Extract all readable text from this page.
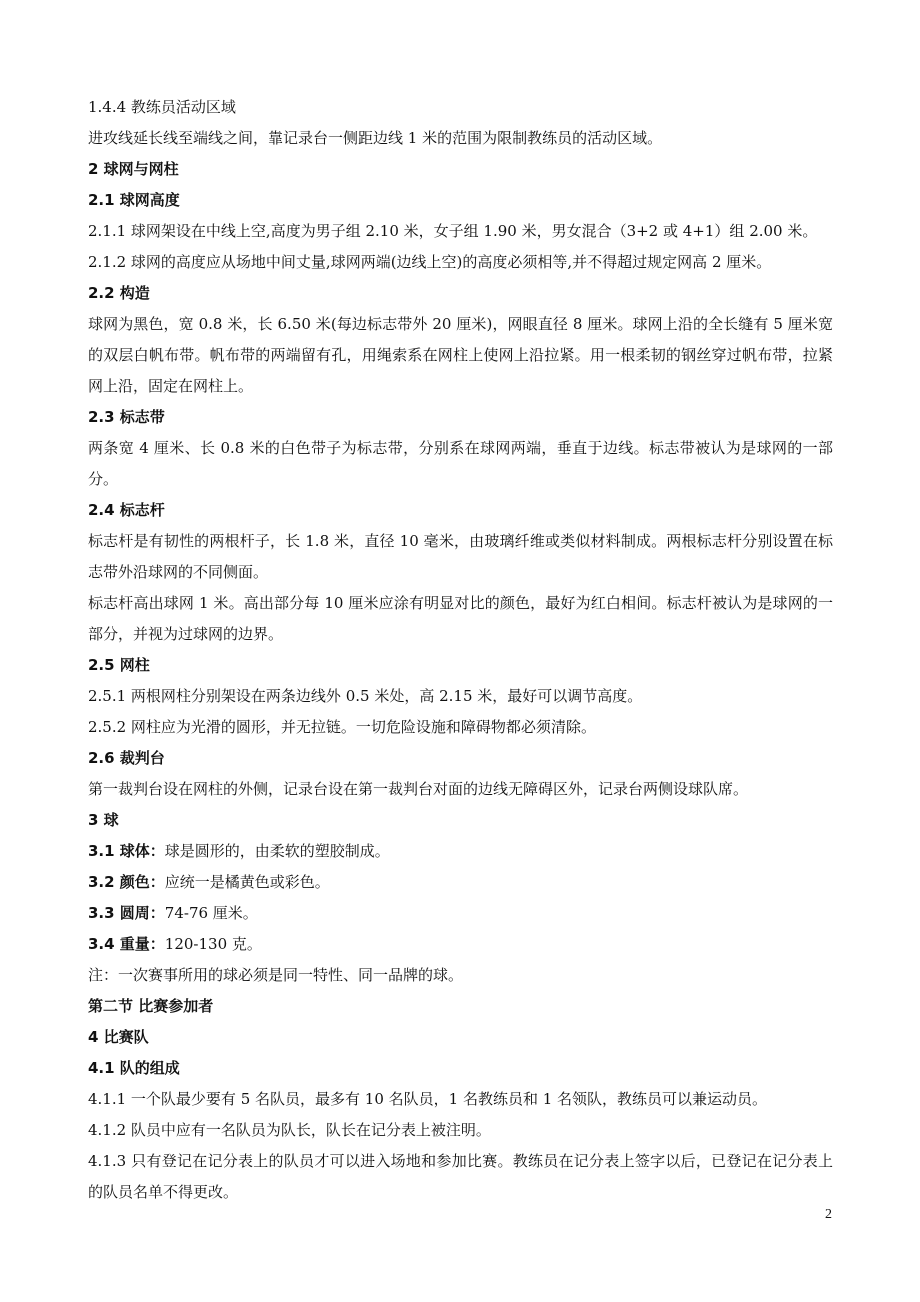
1.4.4 教练员活动区域
进攻线延长线至端线之间，靠记录台一侧距边线 1 米的范围为限制教练员的活动区域。
2 球网与网柱
2.1 球网高度
2.1.1 球网架设在中线上空,高度为男子组 2.10 米，女子组 1.90 米，男女混合（3+2 或 4+1）组 2.00 米。
2.1.2 球网的高度应从场地中间丈量,球网两端(边线上空)的高度必须相等,并不得超过规定网高 2 厘米。
2.2 构造
球网为黑色，宽 0.8 米，长 6.50 米(每边标志带外 20 厘米)，网眼直径 8 厘米。球网上沿的全长缝有 5 厘米宽的双层白帆布带。帆布带的两端留有孔，用绳索系在网柱上使网上沿拉紧。用一根柔韧的钢丝穿过帆布带，拉紧网上沿，固定在网柱上。
2.3 标志带
两条宽 4 厘米、长 0.8 米的白色带子为标志带，分别系在球网两端，垂直于边线。标志带被认为是球网的一部分。
2.4 标志杆
标志杆是有韧性的两根杆子，长 1.8 米，直径 10 毫米，由玻璃纤维或类似材料制成。两根标志杆分别设置在标志带外沿球网的不同侧面。
标志杆高出球网 1 米。高出部分每 10 厘米应涂有明显对比的颜色，最好为红白相间。标志杆被认为是球网的一部分，并视为过球网的边界。
2.5 网柱
2.5.1 两根网柱分别架设在两条边线外 0.5 米处，高 2.15 米，最好可以调节高度。
2.5.2 网柱应为光滑的圆形，并无拉链。一切危险设施和障碍物都必须清除。
2.6 裁判台
第一裁判台设在网柱的外侧，记录台设在第一裁判台对面的边线无障碍区外，记录台两侧设球队席。
3 球
3.1 球体：球是圆形的，由柔软的塑胶制成。
3.2 颜色：应统一是橘黄色或彩色。
3.3 圆周：74-76 厘米。
3.4 重量：120-130 克。
注：一次赛事所用的球必须是同一特性、同一品牌的球。
第二节 比赛参加者
4 比赛队
4.1 队的组成
4.1.1 一个队最少要有 5 名队员，最多有 10 名队员，1 名教练员和 1 名领队，教练员可以兼运动员。
4.1.2 队员中应有一名队员为队长，队长在记分表上被注明。
4.1.3 只有登记在记分表上的队员才可以进入场地和参加比赛。教练员在记分表上签字以后，已登记在记分表上的队员名单不得更改。
2
